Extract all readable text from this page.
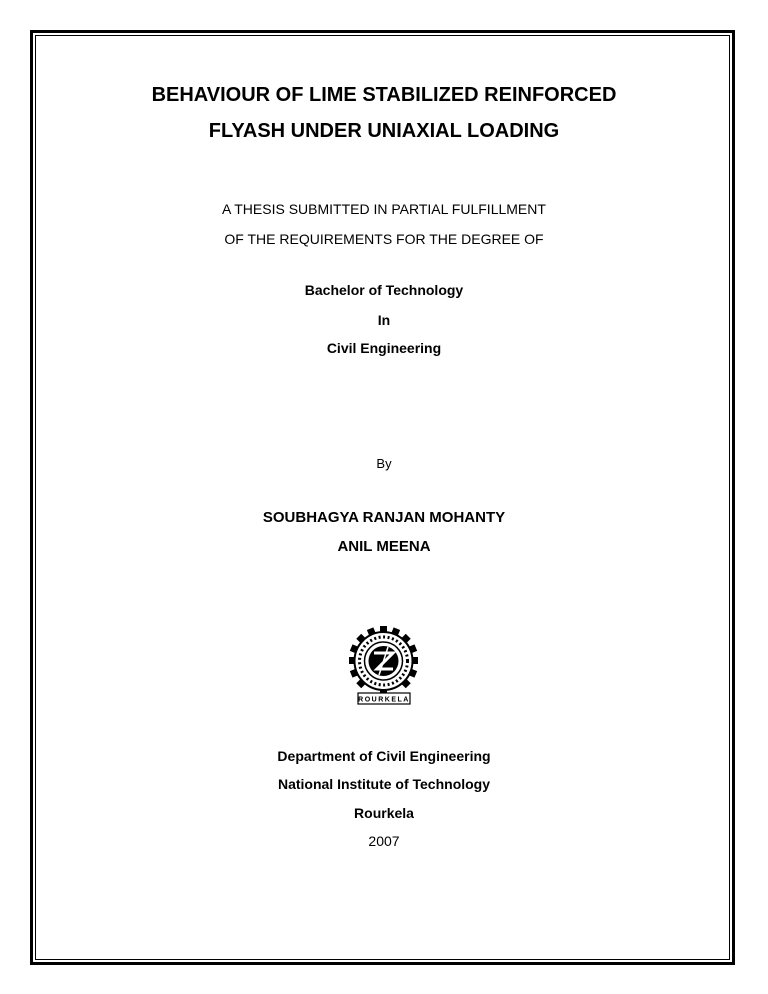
BEHAVIOUR OF LIME STABILIZED REINFORCED
FLYASH UNDER UNIAXIAL LOADING
A THESIS SUBMITTED IN PARTIAL FULFILLMENT
OF THE REQUIREMENTS FOR THE DEGREE OF
Bachelor of Technology
In
Civil Engineering
By
SOUBHAGYA RANJAN MOHANTY
ANIL MEENA
ROURKELA
Department of Civil Engineering
National Institute of Technology
Rourkela
2007
